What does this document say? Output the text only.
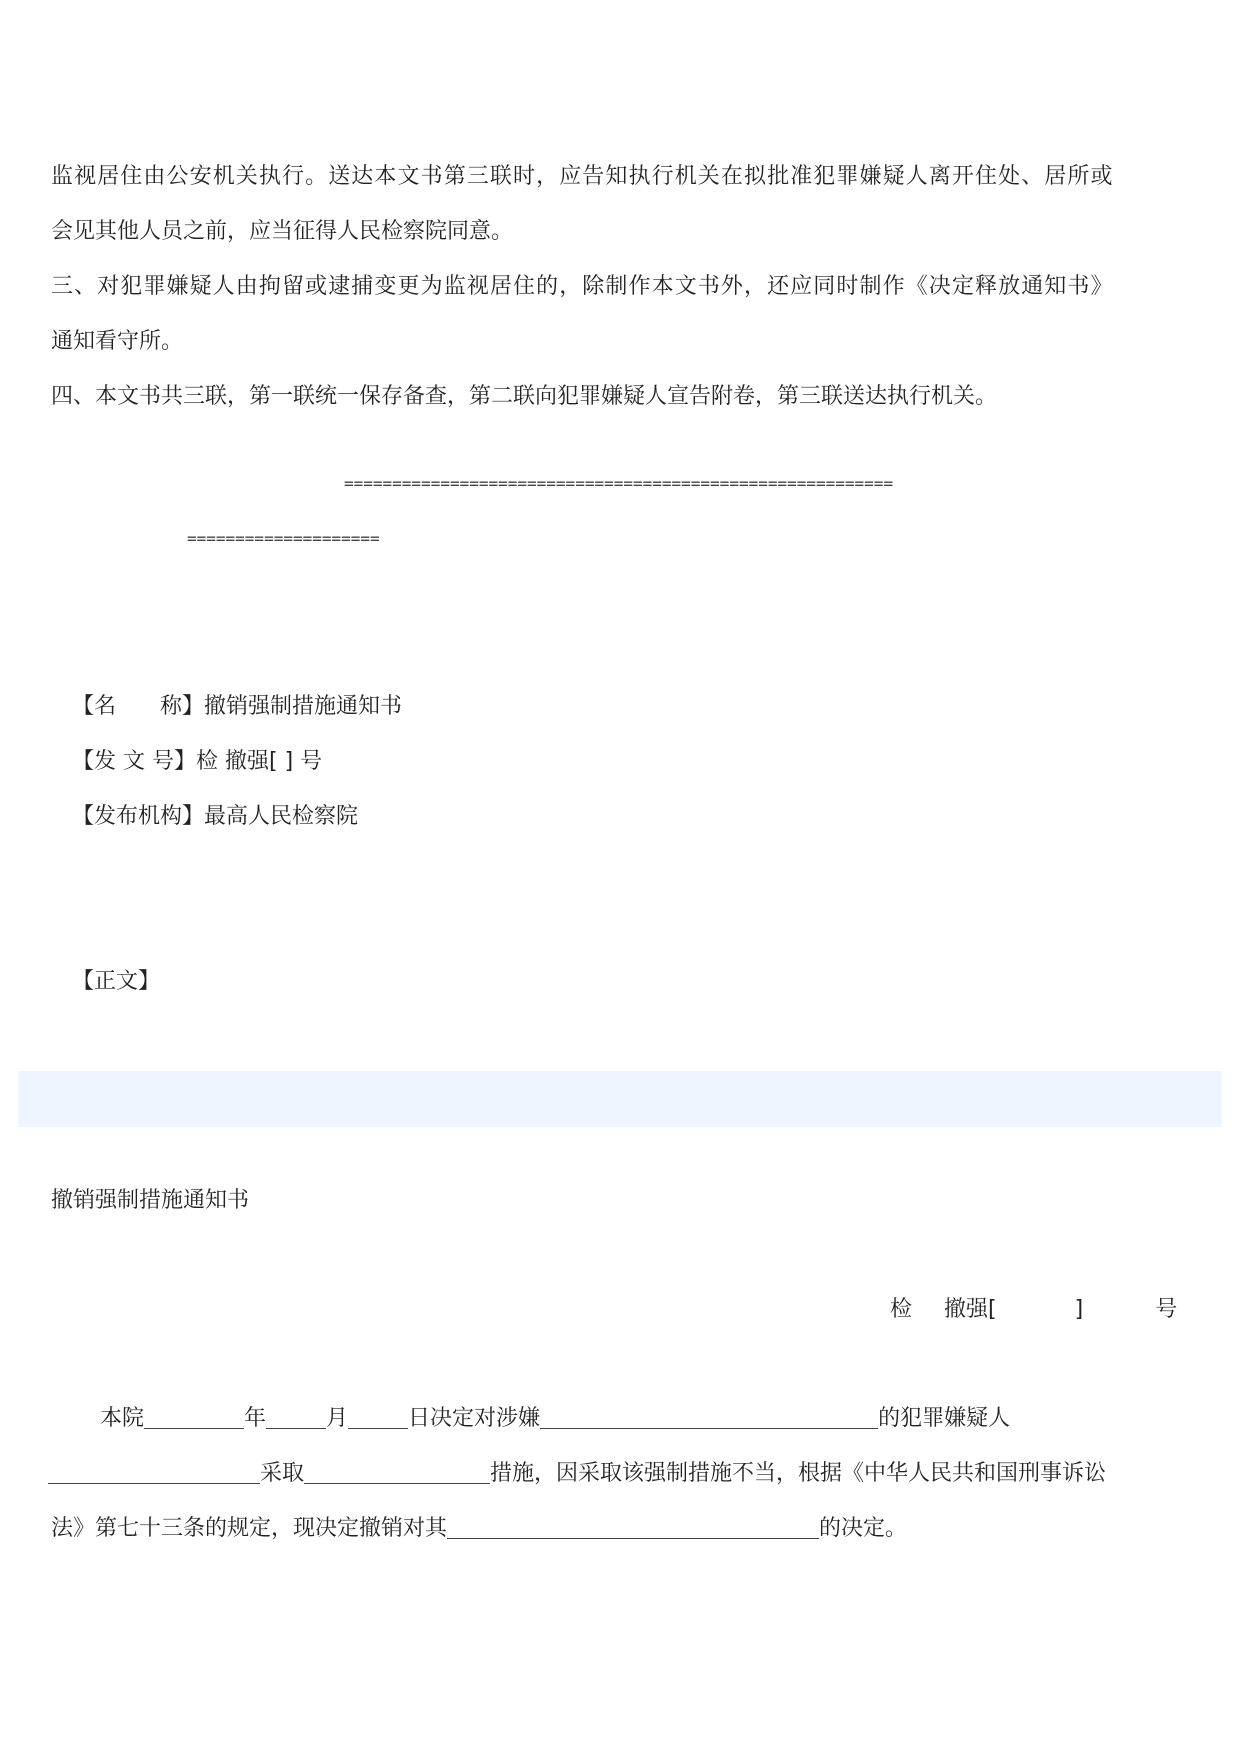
监视居住由公安机关执行。送达本文书第三联时，应告知执行机关在拟批准犯罪嫌疑人离开住处、居所或
会见其他人员之前，应当征得人民检察院同意。
三、对犯罪嫌疑人由拘留或逮捕变更为监视居住的，除制作本文书外，还应同时制作《决定释放通知书》
通知看守所。
四、本文书共三联，第一联统一保存备查，第二联向犯罪嫌疑人宣告附卷，第三联送达执行机关。
=========================================================
====================
【名　　称】撤销强制措施通知书
【发 文 号】检 撤强[ ] 号
【发布机构】最高人民检察院
【正文】
撤销强制措施通知书
检 撤强[	]	号
本院	年	月	日决定对涉嫌	的犯罪嫌疑人
采取	措施，因采取该强制措施不当，根据《中华人民共和国刑事诉讼
法》第七十三条的规定，现决定撤销对其	的决定。
